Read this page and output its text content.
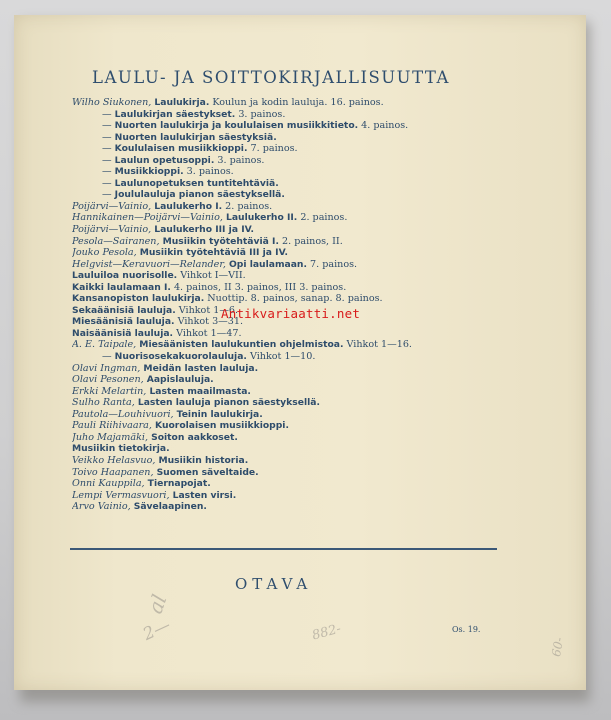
LAULU- JA SOITTOKIRJALLISUUTTA
Wilho Siukonen, Laulukirja. Koulun ja kodin lauluja. 16. painos.
— Laulukirjan säestykset. 3. painos.
— Nuorten laulukirja ja koululaisen musiikkitieto. 4. painos.
— Nuorten laulukirjan säestyksiä.
— Koululaisen musiikkioppi. 7. painos.
— Laulun opetusoppi. 3. painos.
— Musiikkioppi. 3. painos.
— Laulunopetuksen tuntitehtäviä.
— Joululauluja pianon säestyksellä.
Poijärvi—Vainio, Laulukerho I. 2. painos.
Hannikainen—Poijärvi—Vainio, Laulukerho II. 2. painos.
Poijärvi—Vainio, Laulukerho III ja IV.
Pesola—Sairanen, Musiikin työtehtäviä I. 2. painos, II.
Jouko Pesola, Musiikin työtehtäviä III ja IV.
Helgvist—Keravuori—Relander, Opi laulamaan. 7. painos.
Lauluiloa nuorisolle. Vihkot I—VII.
Kaikki laulamaan I. 4. painos, II 3. painos, III 3. painos.
Kansanopiston laulukirja. Nuottip. 8. painos, sanap. 8. painos.
Sekaäänisiä lauluja. Vihkot 1—6.
Miesäänisiä lauluja. Vihkot 3—31.
Naisäänisiä lauluja. Vihkot 1—47.
A. E. Taipale, Miesäänisten laulukuntien ohjelmistoa. Vihkot 1—16.
— Nuorisosekakuorolauluja. Vihkot 1—10.
Olavi Ingman, Meidän lasten lauluja.
Olavi Pesonen, Aapislauluja.
Erkki Melartin, Lasten maailmasta.
Sulho Ranta, Lasten lauluja pianon säestyksellä.
Pautola—Louhivuori, Teinin laulukirja.
Pauli Riihivaara, Kuorolaisen musiikkioppi.
Juho Majamäki, Soiton aakkoset.
Musiikin tietokirja.
Veikko Helasvuo, Musiikin historia.
Toivo Haapanen, Suomen säveltaide.
Onni Kauppila, Tiernapojat.
Lempi Vermasvuori, Lasten virsi.
Arvo Vainio, Sävelaapinen.
OTAVA
Os. 19.
al
2—	882-
60-
Antikvariaatti.net
